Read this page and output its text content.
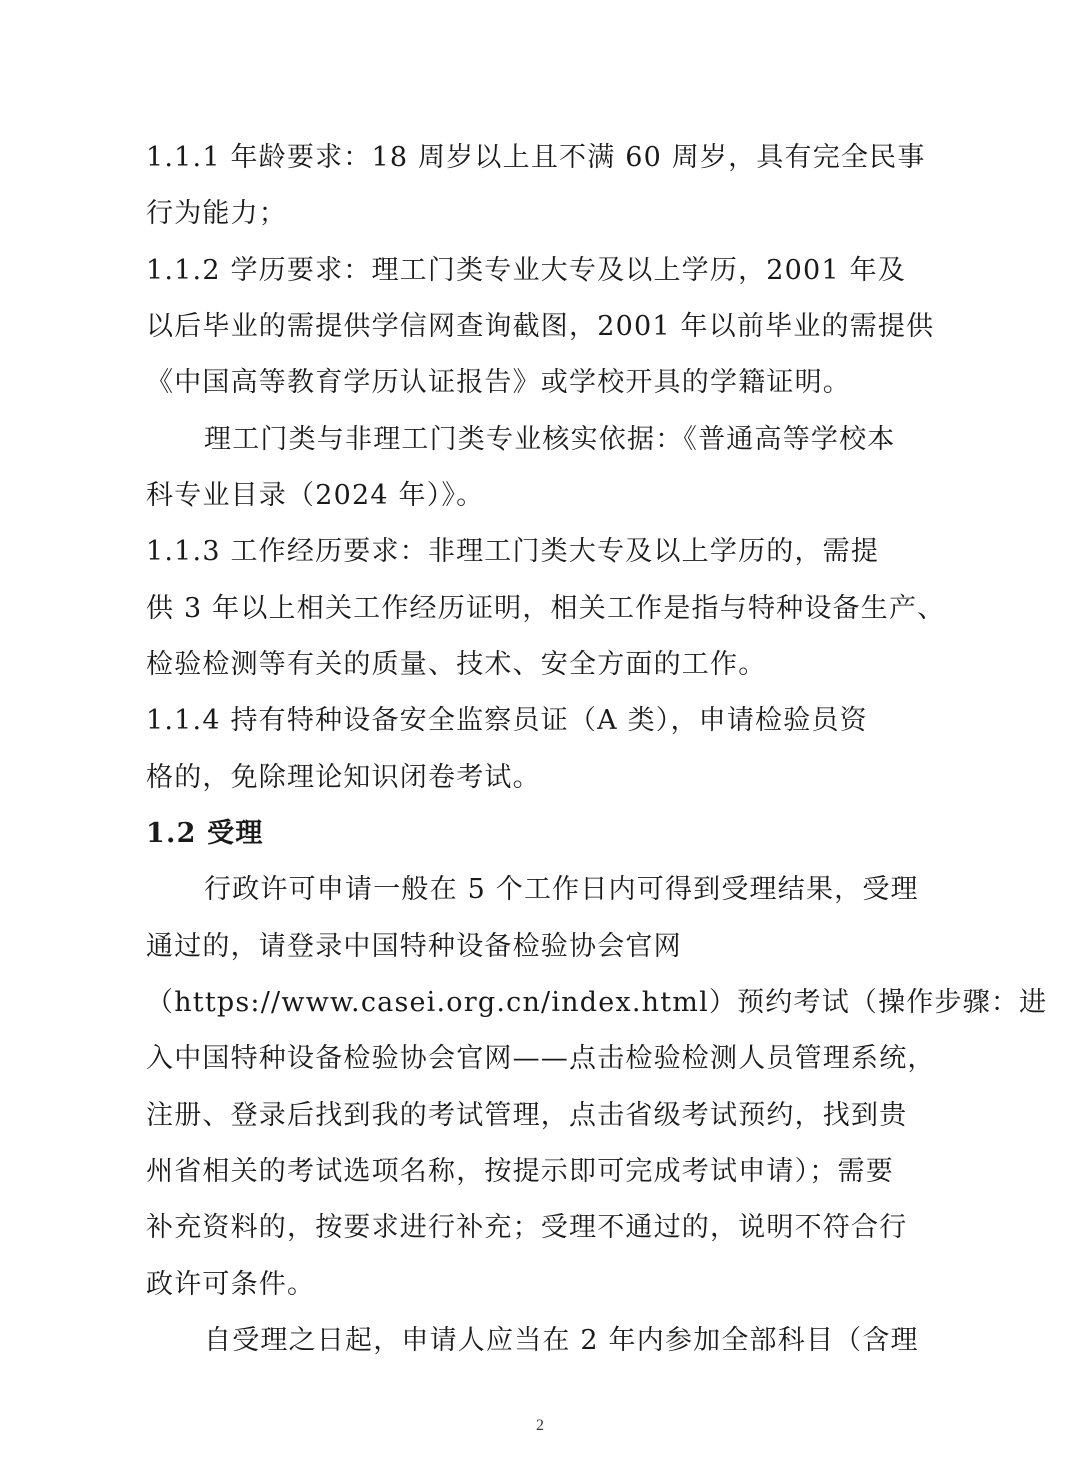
1.1.1 年龄要求：18 周岁以上且不满 60 周岁，具有完全民事
行为能力；
1.1.2 学历要求：理工门类专业大专及以上学历，2001 年及
以后毕业的需提供学信网查询截图，2001 年以前毕业的需提供
《中国高等教育学历认证报告》或学校开具的学籍证明。
理工门类与非理工门类专业核实依据：《普通高等学校本
科专业目录（2024 年）》。
1.1.3 工作经历要求：非理工门类大专及以上学历的，需提
供 3 年以上相关工作经历证明，相关工作是指与特种设备生产、
检验检测等有关的质量、技术、安全方面的工作。
1.1.4 持有特种设备安全监察员证（A 类），申请检验员资
格的，免除理论知识闭卷考试。
1.2 受理
行政许可申请一般在 5 个工作日内可得到受理结果，受理
通过的，请登录中国特种设备检验协会官网
（https://www.casei.org.cn/index.html）预约考试（操作步骤：进
入中国特种设备检验协会官网——点击检验检测人员管理系统，
注册、登录后找到我的考试管理，点击省级考试预约，找到贵
州省相关的考试选项名称，按提示即可完成考试申请）；需要
补充资料的，按要求进行补充；受理不通过的，说明不符合行
政许可条件。
自受理之日起，申请人应当在 2 年内参加全部科目（含理
2
